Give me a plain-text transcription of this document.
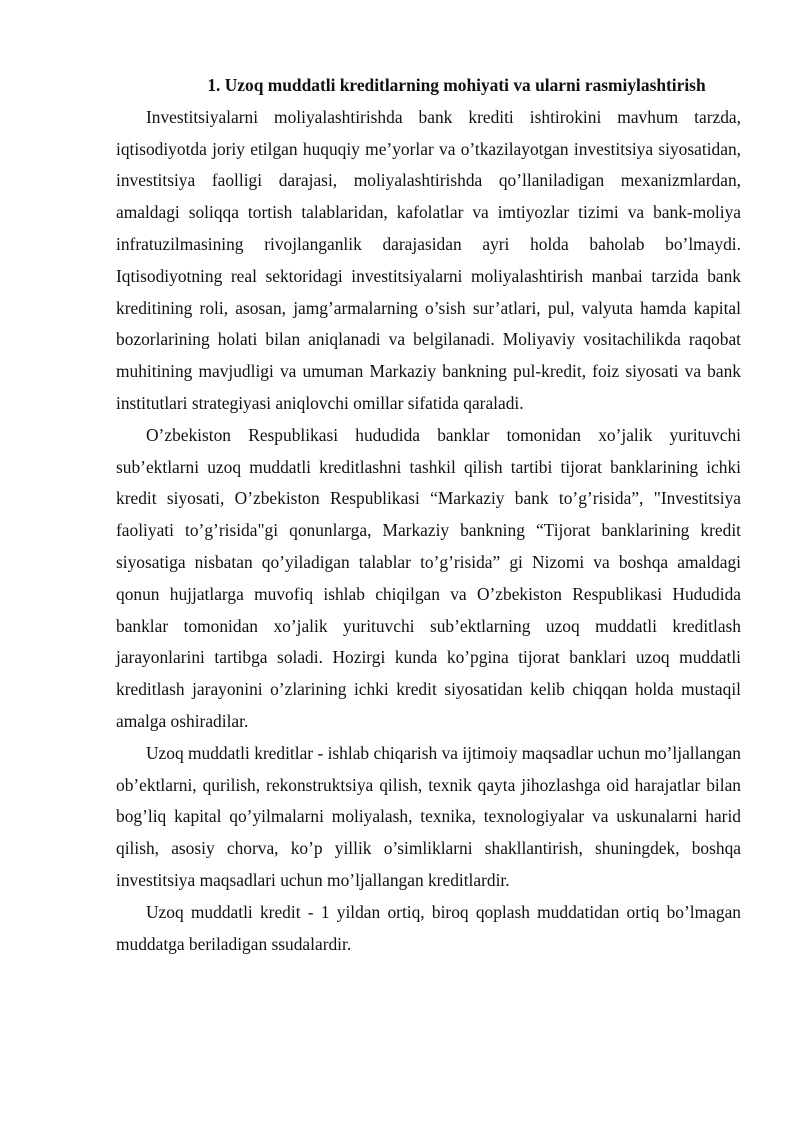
1. Uzoq muddatli kreditlarning mohiyati va ularni rasmiylashtirish

Investitsiyalarni moliyalashtirishda bank krediti ishtirokini mavhum tarzda, iqtisodiyotda joriy etilgan huquqiy me’yorlar va o’tkazilayotgan investitsiya siyosatidan, investitsiya faolligi darajasi, moliyalashtirishda qo’llaniladigan mexanizmlardan, amaldagi soliqqa tortish talablaridan, kafolatlar va imtiyozlar tizimi va bank-moliya infratuzilmasining rivojlanganlik darajasidan ayri holda baholab bo’lmaydi. Iqtisodiyotning real sektoridagi investitsiyalarni moliyalashtirish manbai tarzida bank kreditining roli, asosan, jamg’armalarning o’sish sur’atlari, pul, valyuta hamda kapital bozorlarining holati bilan aniqlanadi va belgilanadi. Moliyaviy vositachilikda raqobat muhitining mavjudligi va umuman Markaziy bankning pul-kredit, foiz siyosati va bank institutlari strategiyasi aniqlovchi omillar sifatida qaraladi.

O’zbekiston Respublikasi hududida banklar tomonidan xo’jalik yurituvchi sub’ektlarni uzoq muddatli kreditlashni tashkil qilish tartibi tijorat banklarining ichki kredit siyosati, O’zbekiston Respublikasi “Markaziy bank to’g’risida”, "Investitsiya faoliyati to’g’risida"gi qonunlarga, Markaziy bankning “Tijorat banklarining kredit siyosatiga nisbatan qo’yiladigan talablar to’g’risida” gi Nizomi va boshqa amaldagi qonun hujjatlarga muvofiq ishlab chiqilgan va O’zbekiston Respublikasi Hududida banklar tomonidan xo’jalik yurituvchi sub’ektlarning uzoq muddatli kreditlash jarayonlarini tartibga soladi. Hozirgi kunda ko’pgina tijorat banklari uzoq muddatli kreditlash jarayonini o’zlarining ichki kredit siyosatidan kelib chiqqan holda mustaqil amalga oshiradilar.

Uzoq muddatli kreditlar - ishlab chiqarish va ijtimoiy maqsadlar uchun mo’ljallangan ob’ektlarni, qurilish, rekonstruktsiya qilish, texnik qayta jihozlashga oid harajatlar bilan bog’liq kapital qo’yilmalarni moliyalash, texnika, texnologiyalar va uskunalarni harid qilish, asosiy chorva, ko’p yillik o’simliklarni shakllantirish, shuningdek, boshqa investitsiya maqsadlari uchun mo’ljallangan kreditlardir.

Uzoq muddatli kredit - 1 yildan ortiq, biroq qoplash muddatidan ortiq bo’lmagan muddatga beriladigan ssudalardir.
